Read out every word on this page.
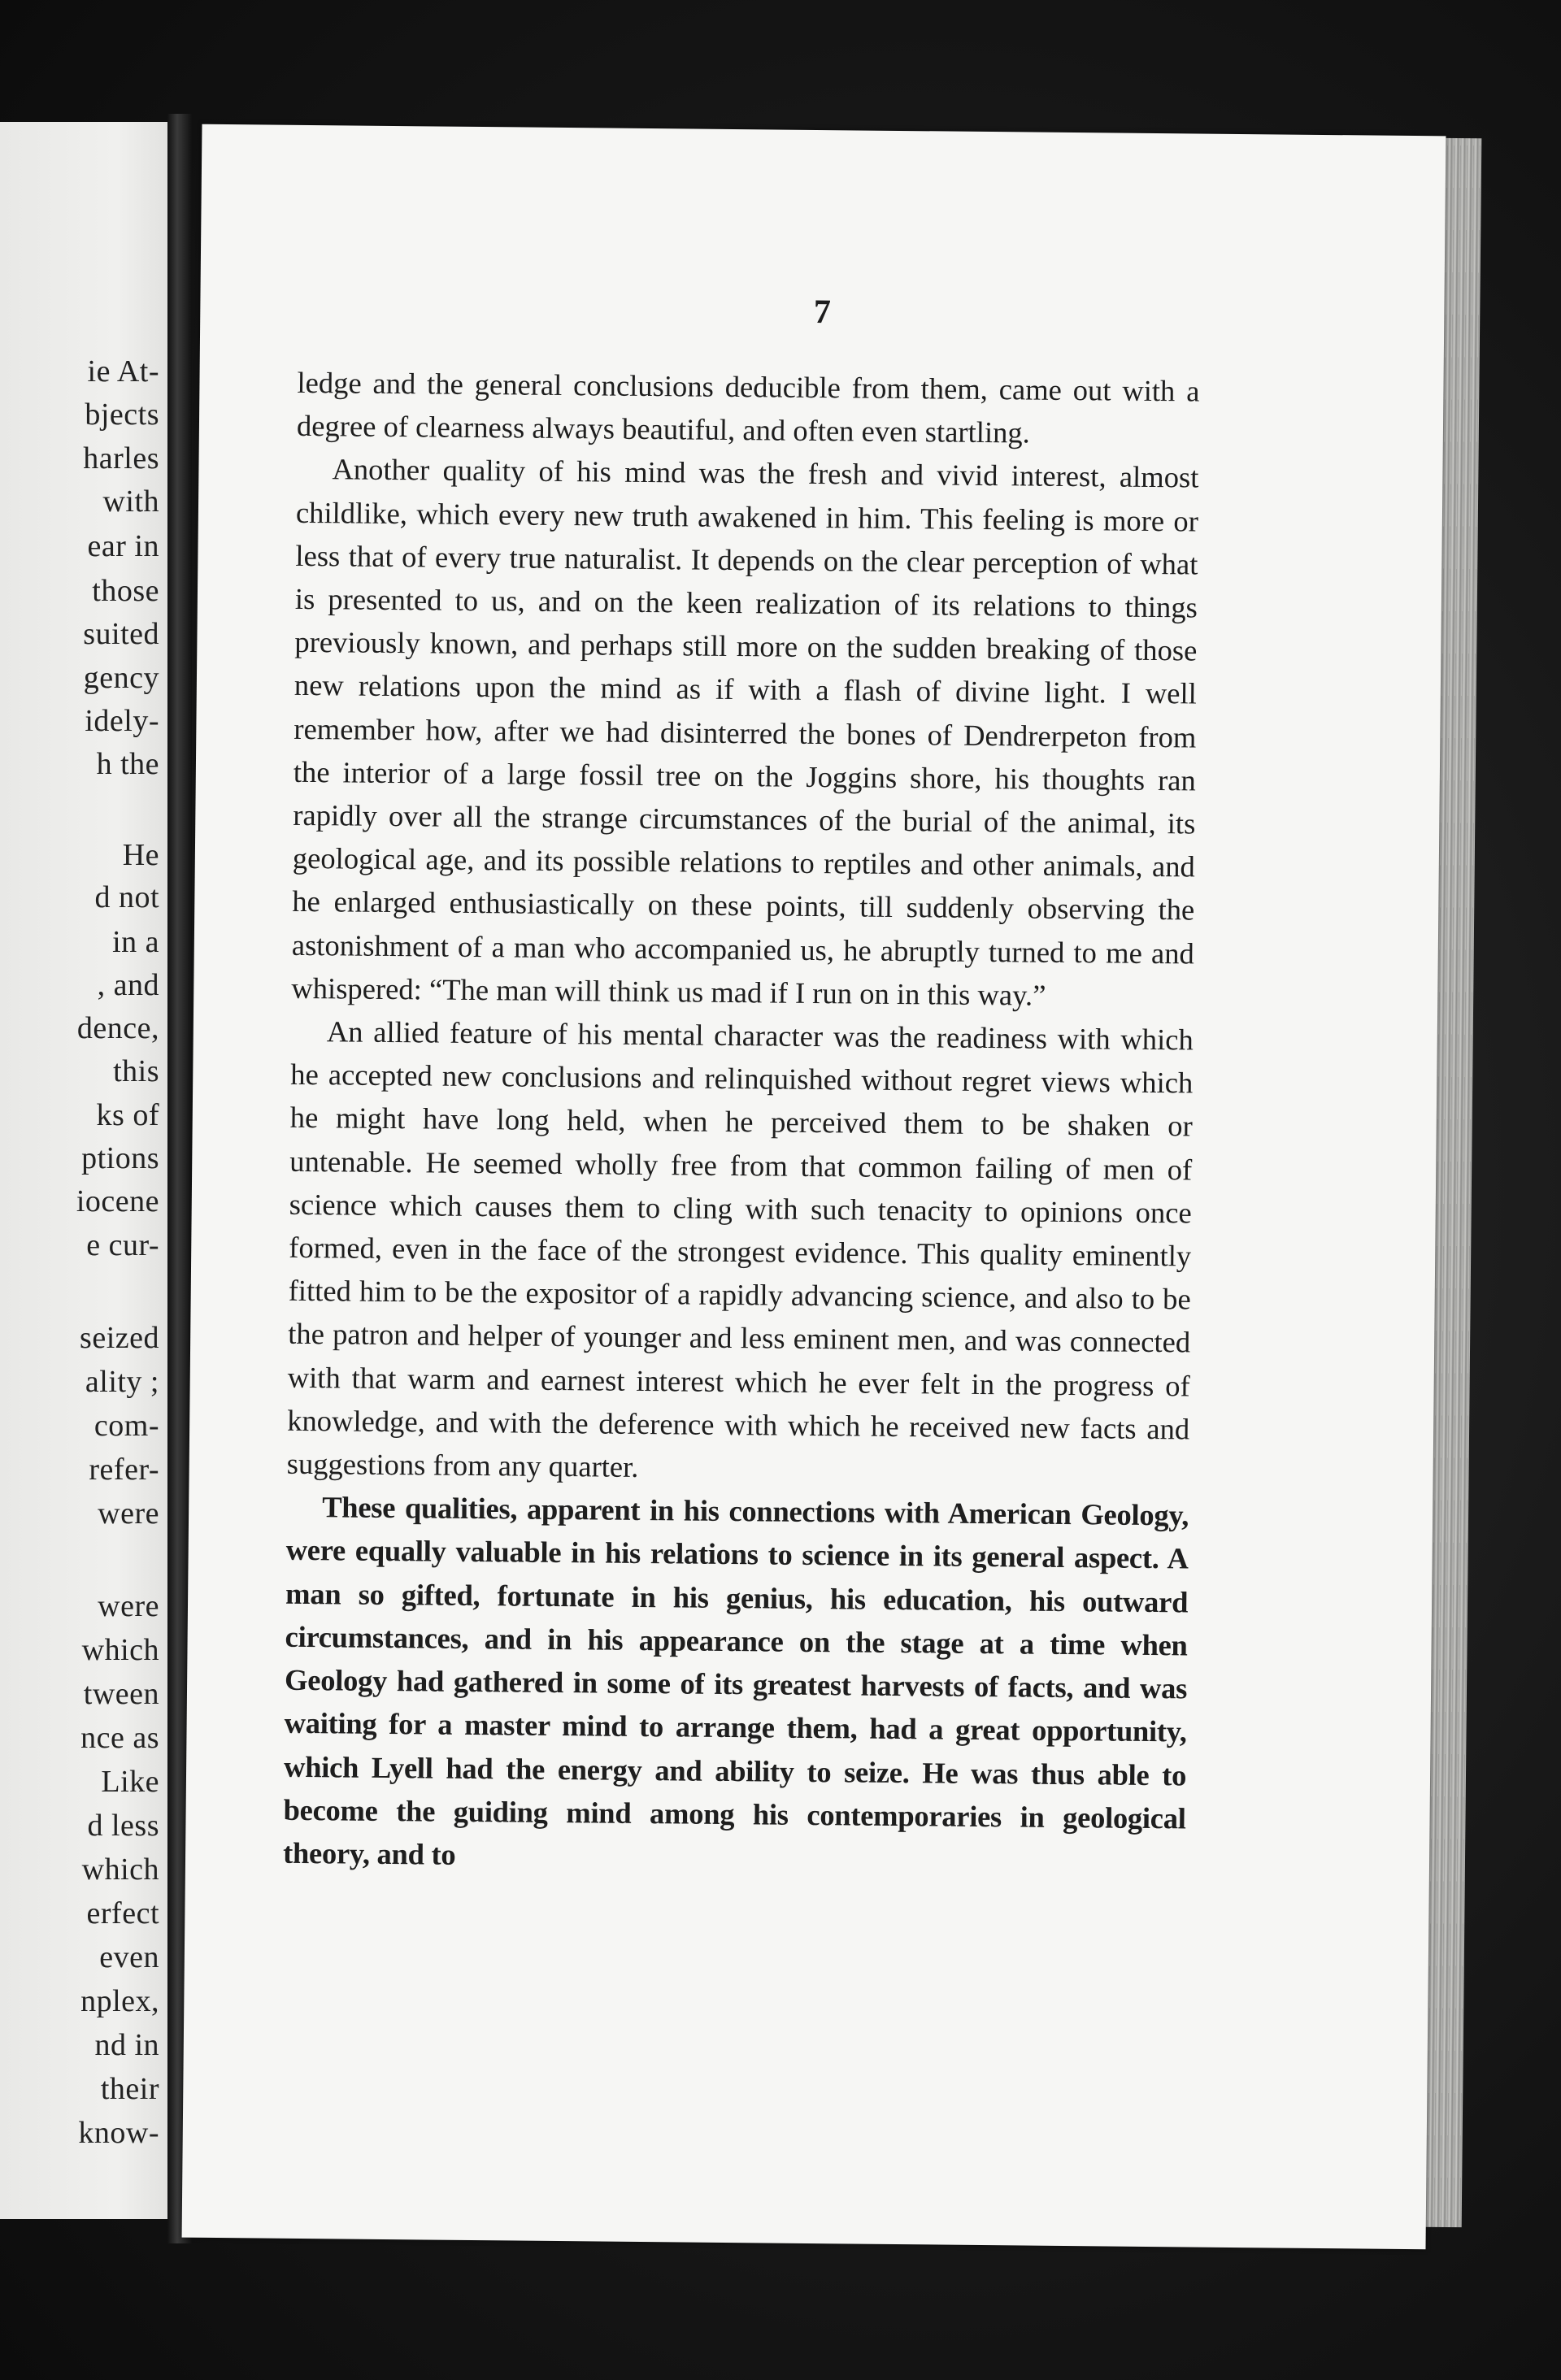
ie At-
bjects
harles
with
ear in
those
suited
gency
idely-
h the
He
d not
in a
, and
dence,
this
ks of
ptions
iocene
e cur-
seized
ality ;
com-
refer-
were
were
which
tween
nce as
Like
d less
which
erfect
even
nplex,
nd in
their
know-
7

ledge and the general conclusions deducible from them, came out with a degree of clearness always beautiful, and often even startling.

Another quality of his mind was the fresh and vivid interest, almost childlike, which every new truth awakened in him. This feeling is more or less that of every true naturalist. It depends on the clear perception of what is presented to us, and on the keen realization of its relations to things previously known, and perhaps still more on the sudden breaking of those new relations upon the mind as if with a flash of divine light. I well remember how, after we had disinterred the bones of Dendrerpeton from the interior of a large fossil tree on the Joggins shore, his thoughts ran rapidly over all the strange circumstances of the burial of the animal, its geological age, and its possible relations to reptiles and other animals, and he enlarged enthusiastically on these points, till suddenly observing the astonishment of a man who accompanied us, he abruptly turned to me and whispered: “The man will think us mad if I run on in this way.”

An allied feature of his mental character was the readiness with which he accepted new conclusions and relinquished without regret views which he might have long held, when he perceived them to be shaken or untenable. He seemed wholly free from that common failing of men of science which causes them to cling with such tenacity to opinions once formed, even in the face of the strongest evidence. This quality eminently fitted him to be the expositor of a rapidly advancing science, and also to be the patron and helper of younger and less eminent men, and was connected with that warm and earnest interest which he ever felt in the progress of knowledge, and with the deference with which he received new facts and suggestions from any quarter.

These qualities, apparent in his connections with American Geology, were equally valuable in his relations to science in its general aspect. A man so gifted, fortunate in his genius, his education, his outward circumstances, and in his appearance on the stage at a time when Geology had gathered in some of its greatest harvests of facts, and was waiting for a master mind to arrange them, had a great opportunity, which Lyell had the energy and ability to seize. He was thus able to become the guiding mind among his contemporaries in geological theory, and to
